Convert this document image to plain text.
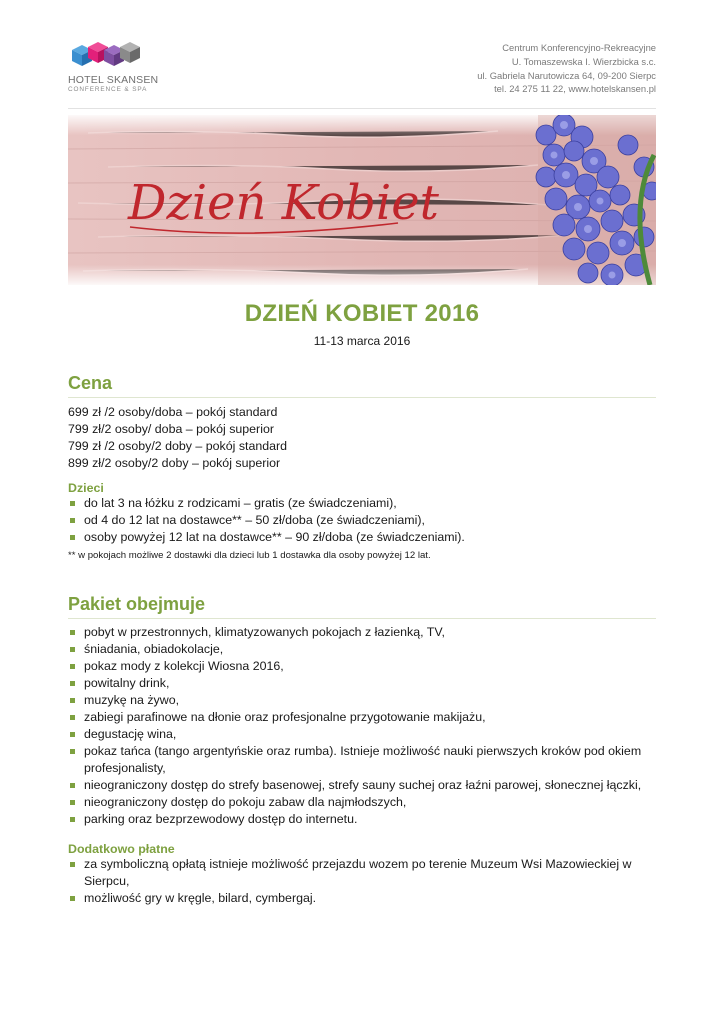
HOTEL SKANSEN
CONFERENCE & SPA
Centrum Konferencyjno-Rekreacyjne
U. Tomaszewska I. Wierzbicka s.c.
ul. Gabriela Narutowicza 64, 09-200 Sierpc
tel. 24 275 11 22, www.hotelskansen.pl
Dzień Kobiet
DZIEŃ KOBIET 2016
11-13 marca 2016
Cena
699 zł /2 osoby/doba – pokój standard
799 zł/2 osoby/ doba – pokój superior
799 zł /2 osoby/2 doby – pokój standard
899 zł/2 osoby/2 doby – pokój superior
Dzieci
do lat 3 na łóżku z rodzicami – gratis (ze świadczeniami),
od 4 do 12 lat na dostawce** – 50 zł/doba (ze świadczeniami),
osoby powyżej 12 lat na dostawce** – 90 zł/doba (ze świadczeniami).
** w pokojach możliwe 2 dostawki dla dzieci lub 1 dostawka dla osoby powyżej 12 lat.
Pakiet obejmuje
pobyt w przestronnych, klimatyzowanych pokojach z łazienką, TV,
śniadania, obiadokolacje,
pokaz mody z kolekcji Wiosna 2016,
powitalny drink,
muzykę na żywo,
zabiegi parafinowe na dłonie oraz profesjonalne przygotowanie makijażu,
degustację wina,
pokaz tańca (tango argentyńskie oraz rumba). Istnieje możliwość nauki pierwszych kroków pod okiem profesjonalisty,
nieograniczony dostęp do strefy basenowej, strefy sauny suchej oraz łaźni parowej, słonecznej łączki,
nieograniczony dostęp do pokoju zabaw dla najmłodszych,
parking oraz bezprzewodowy dostęp do internetu.
Dodatkowo płatne
za symboliczną opłatą istnieje możliwość przejazdu wozem po terenie Muzeum Wsi Mazowieckiej w Sierpcu,
możliwość gry w kręgle, bilard, cymbergaj.
